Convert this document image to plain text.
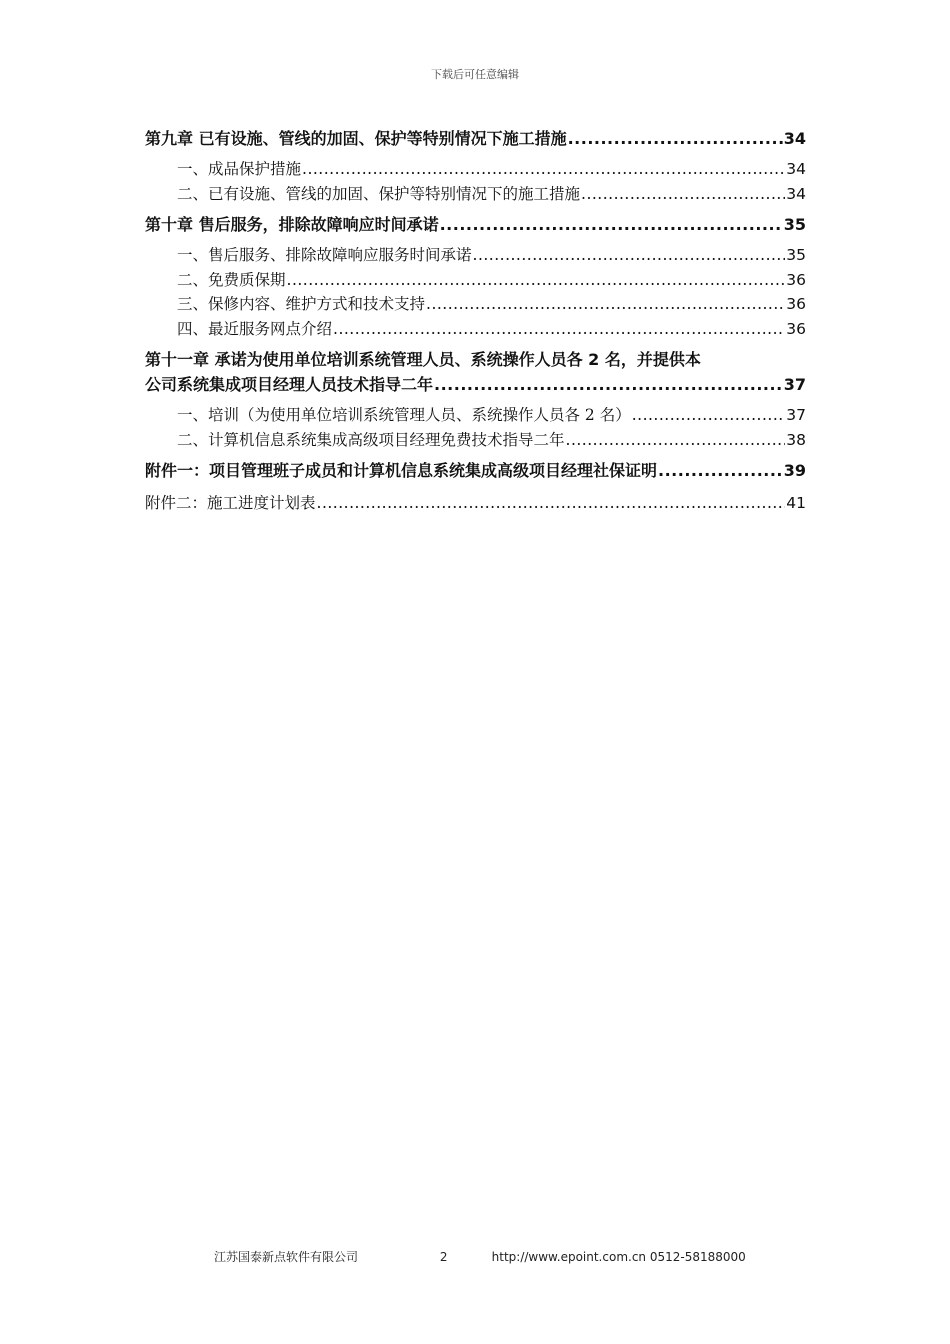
下载后可任意编辑
第九章 已有设施、管线的加固、保护等特别情况下施工措施 .....	34
一、成品保护措施 .....	34
二、已有设施、管线的加固、保护等特别情况下的施工措施 .....	34
第十章 售后服务，排除故障响应时间承诺 .....	35
一、售后服务、排除故障响应服务时间承诺 .....	35
二、免费质保期 .....	36
三、保修内容、维护方式和技术支持 .....	36
四、最近服务网点介绍 .....	36
第十一章 承诺为使用单位培训系统管理人员、系统操作人员各 2 名，并提供本
公司系统集成项目经理人员技术指导二年 .....	37
一、培训（为使用单位培训系统管理人员、系统操作人员各 2 名） .....	37
二、计算机信息系统集成高级项目经理免费技术指导二年 .....	38
附件一：项目管理班子成员和计算机信息系统集成高级项目经理社保证明 .....	39
附件二：施工进度计划表 .....	41
江苏国泰新点软件有限公司	2	http://www.epoint.com.cn 0512-58188000
